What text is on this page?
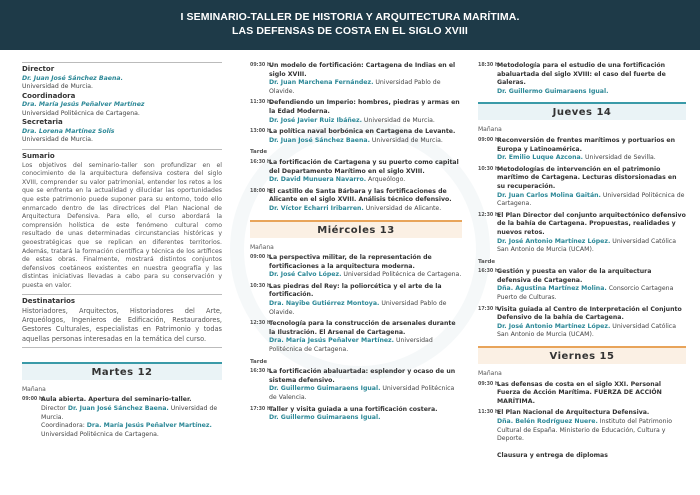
I SEMINARIO-TALLER DE HISTORIA Y ARQUITECTURA MARÍTIMA.
LAS DEFENSAS DE COSTA EN EL SIGLO XVIII
Director
Dr. Juan José Sánchez Baena.
Universidad de Murcia.
Coordinadora
Dra. María Jesús Peñalver Martínez
Universidad Politécnica de Cartagena.
Secretaria
Dra. Lorena Martínez Solís
Universidad de Murcia.
Sumario
Los objetivos del seminario-taller son profundizar en el conocimiento de la arquitectura defensiva costera del siglo XVIII, comprender su valor patrimonial, entender los retos a los que se enfrenta en la actualidad y dilucidar las oportunidades que este patrimonio puede suponer para su entorno, todo ello enmarcado dentro de las directrices del Plan Nacional de Arquitectura Defensiva. Para ello, el curso abordará la comprensión holística de este fenómeno cultural como resultado de unas determinadas circunstancias históricas y geoestratégicas que se replican en diferentes territorios. Además, tratará la formación científica y técnica de los artífices de estas obras. Finalmente, mostrará distintos conjuntos defensivos coetáneos existentes en nuestra geografía y las distintas iniciativas llevadas a cabo para su conservación y puesta en valor.
Destinatarios
Historiadores, Arquitectos, Historiadores del Arte, Arqueólogos, Ingenieros de Edificación, Restauradores, Gestores Culturales, especialistas en Patrimonio y todas aquellas personas interesadas en la temática del curso.
Martes 12
Mañana
09:00 h.
Aula abierta. Apertura del seminario-taller.
Director Dr. Juan José Sánchez Baena. Universidad de Murcia.
Coordinadora: Dra. María Jesús Peñalver Martínez. Universidad Politécnica de Cartagena.
09:30 h.
Un modelo de fortificación: Cartagena de Indias en el siglo XVIII.
Dr. Juan Marchena Fernández. Universidad Pablo de Olavide.
11:30 h.
Defendiendo un Imperio: hombres, piedras y armas en la Edad Moderna.
Dr. José Javier Ruiz Ibáñez. Universidad de Murcia.
13:00 h.
La política naval borbónica en Cartagena de Levante.
Dr. Juan José Sánchez Baena. Universidad de Murcia.
Tarde
16:30 h.
La fortificación de Cartagena y su puerto como capital del Departamento Marítimo en el siglo XVIII.
Dr. David Munuera Navarro. Arqueólogo.
18:00 h.
El castillo de Santa Bárbara y las fortificaciones de Alicante en el siglo XVIII. Análisis técnico defensivo.
Dr. Víctor Echarri Iribarren. Universidad de Alicante.
Miércoles 13
Mañana
09:00 h.
La perspectiva militar, de la representación de fortificaciones a la arquitectura moderna.
Dr. José Calvo López. Universidad Politécnica de Cartagena.
10:30 h.
Las piedras del Rey: la poliorcética y el arte de la fortificación.
Dra. Nayibe Gutiérrez Montoya. Universidad Pablo de Olavide.
12:30 h.
Tecnología para la construcción de arsenales durante la Ilustración. El Arsenal de Cartagena.
Dra. María Jesús Peñalver Martínez. Universidad Politécnica de Cartagena.
Tarde
16:30 h.
La fortificación abaluartada: esplendor y ocaso de un sistema defensivo.
Dr. Guillermo Guimaraens Igual. Universidad Politécnica de Valencia.
17:30 h.
Taller y visita guiada a una fortificación costera.
Dr. Guillermo Guimaraens Igual.
18:30 h.
Metodología para el estudio de una fortificación abaluartada del siglo XVIII: el caso del fuerte de Galeras.
Dr. Guillermo Guimaraens Igual.
Jueves 14
Mañana
09:00 h.
Reconversión de frentes marítimos y portuarios en Europa y Latinoamérica.
Dr. Emilio Luque Azcona. Universidad de Sevilla.
10:30 h.
Metodologías de intervención en el patrimonio marítimo de Cartagena. Lecturas distorsionadas en su recuperación.
Dr. Juan Carlos Molina Gaitán. Universidad Politécnica de Cartagena.
12:30 h.
El Plan Director del conjunto arquitectónico defensivo de la bahía de Cartagena. Propuestas, realidades y nuevos retos.
Dr. José Antonio Martínez López. Universidad Católica San Antonio de Murcia (UCAM).
Tarde
16:30 h.
Gestión y puesta en valor de la arquitectura defensiva de Cartagena.
Dña. Agustina Martínez Molina. Consorcio Cartagena Puerto de Culturas.
17:30 h.
Visita guiada al Centro de Interpretación el Conjunto Defensivo de la bahía de Cartagena.
Dr. José Antonio Martínez López. Universidad Católica San Antonio de Murcia (UCAM).
Viernes 15
Mañana
09:30 h.
Las defensas de costa en el siglo XXI. Personal Fuerza de Acción Marítima. FUERZA DE ACCIÓN MARÍTIMA.
11:30 h.
El Plan Nacional de Arquitectura Defensiva.
Dña. Belén Rodríguez Nuere. Instituto del Patrimonio Cultural de España. Ministerio de Educación, Cultura y Deporte.
Clausura y entrega de diplomas
